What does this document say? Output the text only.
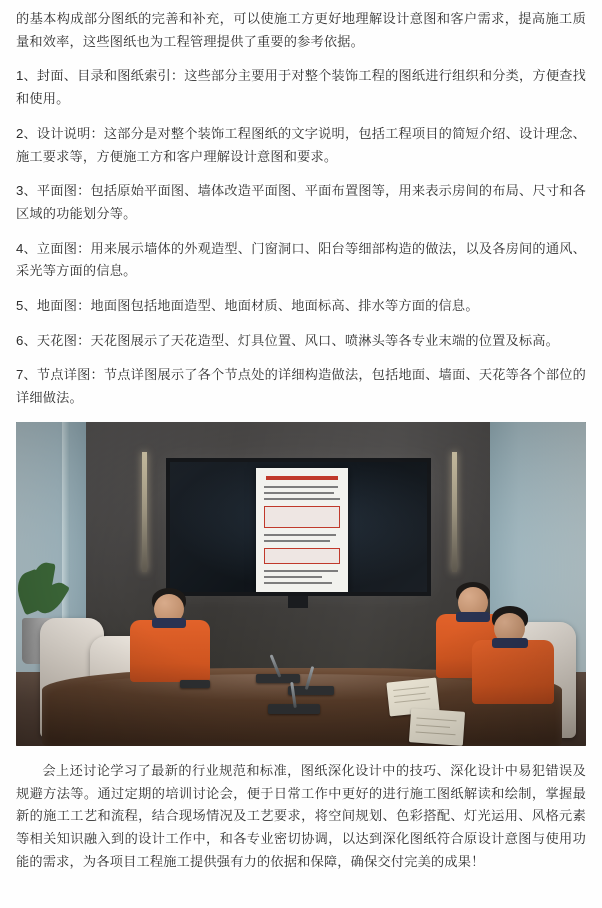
的基本构成部分图纸的完善和补充，可以使施工方更好地理解设计意图和客户需求，提高施工质量和效率，这些图纸也为工程管理提供了重要的参考依据。

1、封面、目录和图纸索引：这些部分主要用于对整个装饰工程的图纸进行组织和分类，方便查找和使用。

2、设计说明：这部分是对整个装饰工程图纸的文字说明，包括工程项目的简短介绍、设计理念、施工要求等，方便施工方和客户理解设计意图和要求。

3、平面图：包括原始平面图、墙体改造平面图、平面布置图等，用来表示房间的布局、尺寸和各区域的功能划分等。

4、立面图：用来展示墙体的外观造型、门窗洞口、阳台等细部构造的做法，以及各房间的通风、采光等方面的信息。

5、地面图：地面图包括地面造型、地面材质、地面标高、排水等方面的信息。

6、天花图：天花图展示了天花造型、灯具位置、风口、喷淋头等各专业末端的位置及标高。

7、节点详图：节点详图展示了各个节点处的详细构造做法，包括地面、墙面、天花等各个部位的详细做法。

会上还讨论学习了最新的行业规范和标准，图纸深化设计中的技巧、深化设计中易犯错误及规避方法等。通过定期的培训讨论会，便于日常工作中更好的进行施工图纸解读和绘制，掌握最新的施工工艺和流程，结合现场情况及工艺要求，将空间规划、色彩搭配、灯光运用、风格元素等相关知识融入到的设计工作中，和各专业密切协调，以达到深化图纸符合原设计意图与使用功能的需求，为各项目工程施工提供强有力的依据和保障，确保交付完美的成果！
